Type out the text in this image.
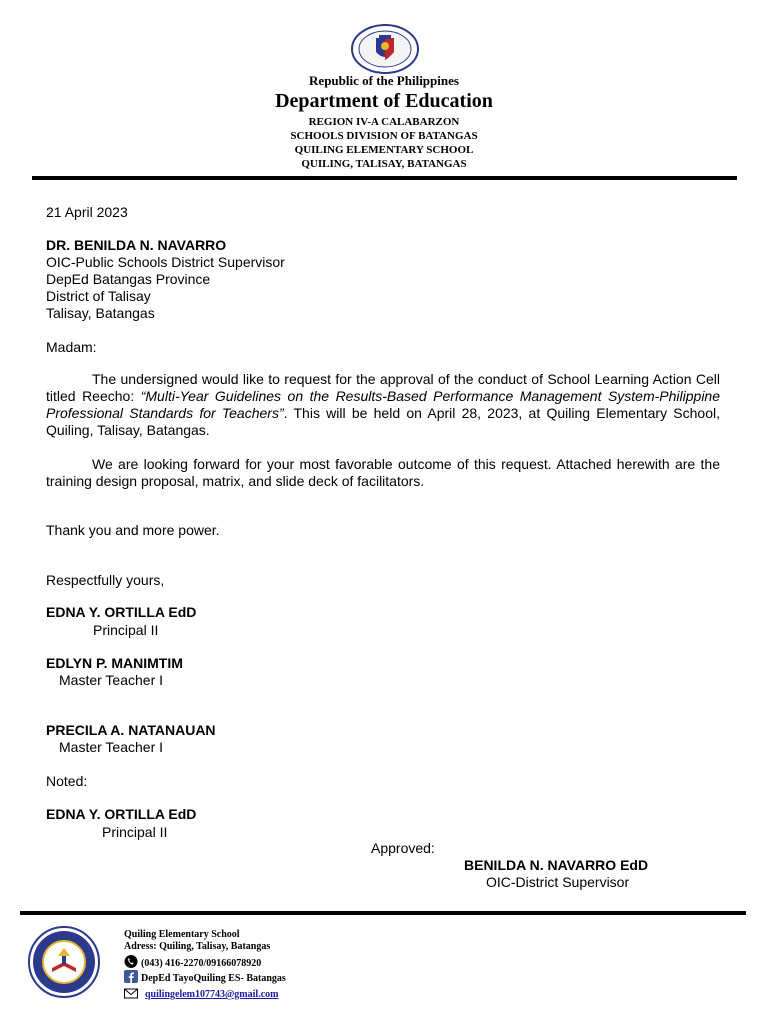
Republic of the Philippines
Department of Education
REGION IV-A CALABARZON
SCHOOLS DIVISION OF BATANGAS
QUILING ELEMENTARY SCHOOL
QUILING, TALISAY, BATANGAS
21 April 2023
DR. BENILDA N. NAVARRO
OIC-Public Schools District Supervisor
DepEd Batangas Province
District of Talisay
Talisay, Batangas
Madam:
The undersigned would like to request for the approval of the conduct of School Learning Action Cell titled Reecho: “Multi-Year Guidelines on the Results-Based Performance Management System-Philippine Professional Standards for Teachers”. This will be held on April 28, 2023, at Quiling Elementary School, Quiling, Talisay, Batangas.
We are looking forward for your most favorable outcome of this request. Attached herewith are the training design proposal, matrix, and slide deck of facilitators.
Thank you and more power.
Respectfully yours,
EDNA Y. ORTILLA EdD
Principal II
EDLYN P. MANIMTIM
Master Teacher I
PRECILA A. NATANAUAN
Master Teacher I
Noted:
EDNA Y. ORTILLA EdD
Principal II
Approved:
BENILDA N. NAVARRO EdD
OIC-District Supervisor
Quiling Elementary School
Adress: Quiling, Talisay, Batangas
(043) 416-2270/09166078920
DepEd TayoQuiling ES- Batangas
quilingelem107743@gmail.com
